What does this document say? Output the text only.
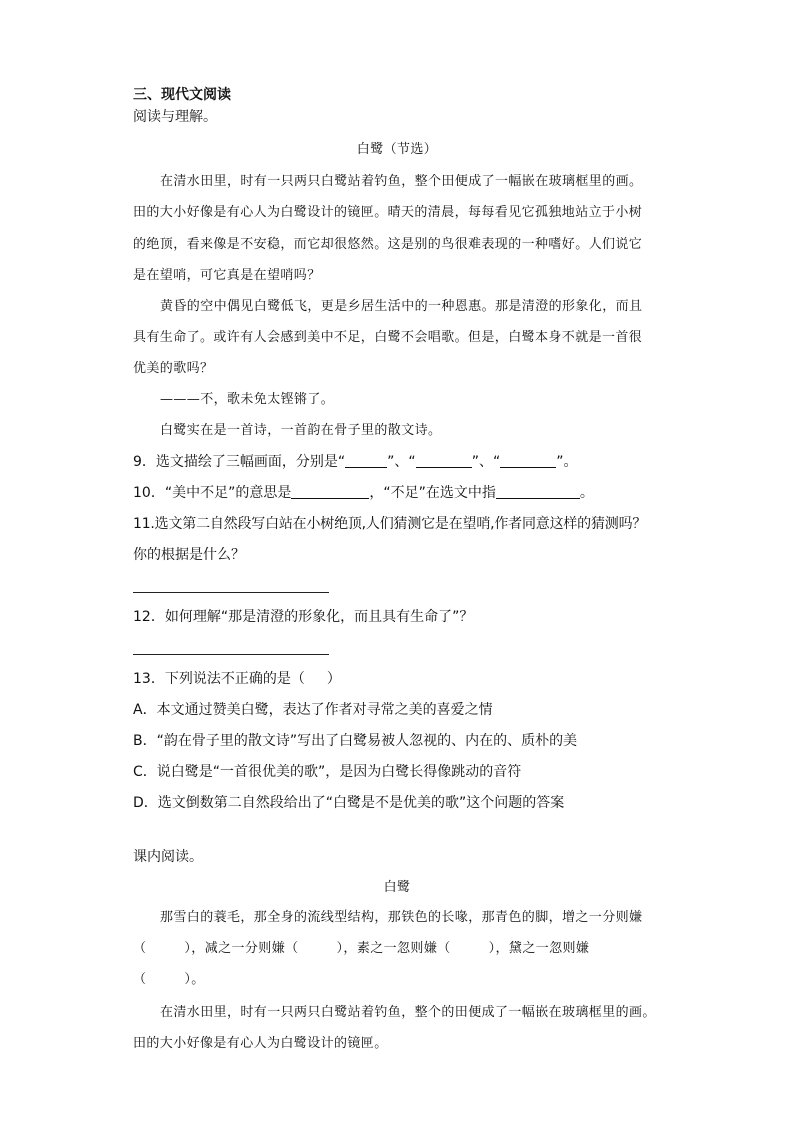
三、现代文阅读

阅读与理解。

白鹭（节选）

在清水田里，时有一只两只白鹭站着钓鱼，整个田便成了一幅嵌在玻璃框里的画。

田的大小好像是有心人为白鹭设计的镜匣。晴天的清晨，每每看见它孤独地站立于小树

的绝顶，看来像是不安稳，而它却很悠然。这是别的鸟很难表现的一种嗜好。人们说它

是在望哨，可它真是在望哨吗？

黄昏的空中偶见白鹭低飞，更是乡居生活中的一种恩惠。那是清澄的形象化，而且

具有生命了。或许有人会感到美中不足，白鹭不会唱歌。但是，白鹭本身不就是一首很

优美的歌吗？

———不，歌未免太铿锵了。

白鹭实在是一首诗，一首韵在骨子里的散文诗。

9．选文描绘了三幅画面，分别是“	”、“	”、“	”。

10．“美中不足”的意思是	，“不足”在选文中指	。

11.选文第二自然段写白站在小树绝顶,人们猜测它是在望哨,作者同意这样的猜测吗？

你的根据是什么？

12．如何理解“那是清澄的形象化，而且具有生命了”？

13．下列说法不正确的是（ ）

A．本文通过赞美白鹭，表达了作者对寻常之美的喜爱之情

B．“韵在骨子里的散文诗”写出了白鹭易被人忽视的、内在的、质朴的美

C．说白鹭是“一首很优美的歌”，是因为白鹭长得像跳动的音符

D．选文倒数第二自然段给出了“白鹭是不是优美的歌”这个问题的答案

课内阅读。

白鹭

那雪白的蓑毛，那全身的流线型结构，那铁色的长喙，那青色的脚，增之一分则嫌

（	），减之一分则嫌（	），素之一忽则嫌（	），黛之一忽则嫌

（	）。

在清水田里，时有一只两只白鹭站着钓鱼，整个的田便成了一幅嵌在玻璃框里的画。

田的大小好像是有心人为白鹭设计的镜匣。
